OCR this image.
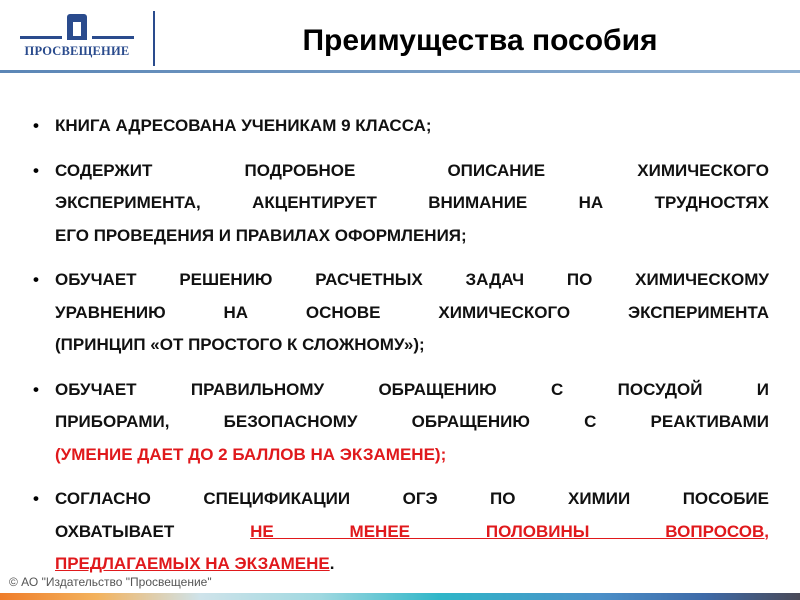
ПРОСВЕЩЕНИЕ	Преимущества пособия
• КНИГА АДРЕСОВАНА УЧЕНИКАМ 9 КЛАССА;
• СОДЕРЖИТ ПОДРОБНОЕ ОПИСАНИЕ ХИМИЧЕСКОГО
ЭКСПЕРИМЕНТА, АКЦЕНТИРУЕТ ВНИМАНИЕ НА ТРУДНОСТЯХ
ЕГО ПРОВЕДЕНИЯ И ПРАВИЛАХ ОФОРМЛЕНИЯ;
• ОБУЧАЕТ РЕШЕНИЮ РАСЧЕТНЫХ ЗАДАЧ ПО ХИМИЧЕСКОМУ
УРАВНЕНИЮ НА ОСНОВЕ ХИМИЧЕСКОГО ЭКСПЕРИМЕНТА
(ПРИНЦИП «ОТ ПРОСТОГО К СЛОЖНОМУ»);
• ОБУЧАЕТ ПРАВИЛЬНОМУ ОБРАЩЕНИЮ С ПОСУДОЙ И
ПРИБОРАМИ, БЕЗОПАСНОМУ ОБРАЩЕНИЮ С РЕАКТИВАМИ
(УМЕНИЕ ДАЕТ ДО 2 БАЛЛОВ НА ЭКЗАМЕНЕ);
• СОГЛАСНО СПЕЦИФИКАЦИИ ОГЭ ПО ХИМИИ ПОСОБИЕ
ОХВАТЫВАЕТ	НЕ МЕНЕЕ ПОЛОВИНЫ ВОПРОСОВ,
ПРЕДЛАГАЕМЫХ НА ЭКЗАМЕНЕ.
© АО "Издательство "Просвещение"
